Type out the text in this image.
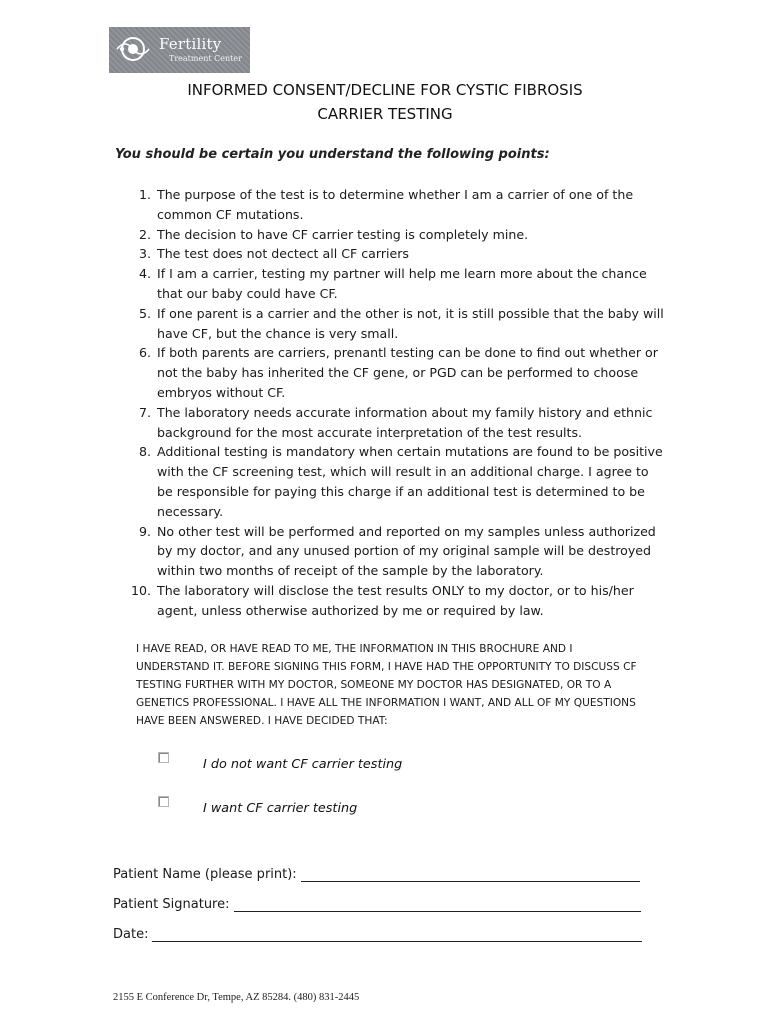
Fertility
Treatment Center
INFORMED CONSENT/DECLINE FOR CYSTIC FIBROSIS
CARRIER TESTING
You should be certain you understand the following points:
1. The purpose of the test is to determine whether I am a carrier of one of the
common CF mutations.
2. The decision to have CF carrier testing is completely mine.
3. The test does not dectect all CF carriers
4. If I am a carrier, testing my partner will help me learn more about the chance
that our baby could have CF.
5. If one parent is a carrier and the other is not, it is still possible that the baby will
have CF, but the chance is very small.
6. If both parents are carriers, prenantl testing can be done to find out whether or
not the baby has inherited the CF gene, or PGD can be performed to choose
embryos without CF.
7. The laboratory needs accurate information about my family history and ethnic
background for the most accurate interpretation of the test results.
8. Additional testing is mandatory when certain mutations are found to be positive
with the CF screening test, which will result in an additional charge. I agree to
be responsible for paying this charge if an additional test is determined to be
necessary.
9. No other test will be performed and reported on my samples unless authorized
by my doctor, and any unused portion of my original sample will be destroyed
within two months of receipt of the sample by the laboratory.
10. The laboratory will disclose the test results ONLY to my doctor, or to his/her
agent, unless otherwise authorized by me or required by law.
I HAVE READ, OR HAVE READ TO ME, THE INFORMATION IN THIS BROCHURE AND I
UNDERSTAND IT. BEFORE SIGNING THIS FORM, I HAVE HAD THE OPPORTUNITY TO DISCUSS CF
TESTING FURTHER WITH MY DOCTOR, SOMEONE MY DOCTOR HAS DESIGNATED, OR TO A
GENETICS PROFESSIONAL. I HAVE ALL THE INFORMATION I WANT, AND ALL OF MY QUESTIONS
HAVE BEEN ANSWERED. I HAVE DECIDED THAT:
I do not want CF carrier testing
I want CF carrier testing
Patient Name (please print):
Patient Signature:
Date:
2155 E Conference Dr, Tempe, AZ 85284. (480) 831-2445
